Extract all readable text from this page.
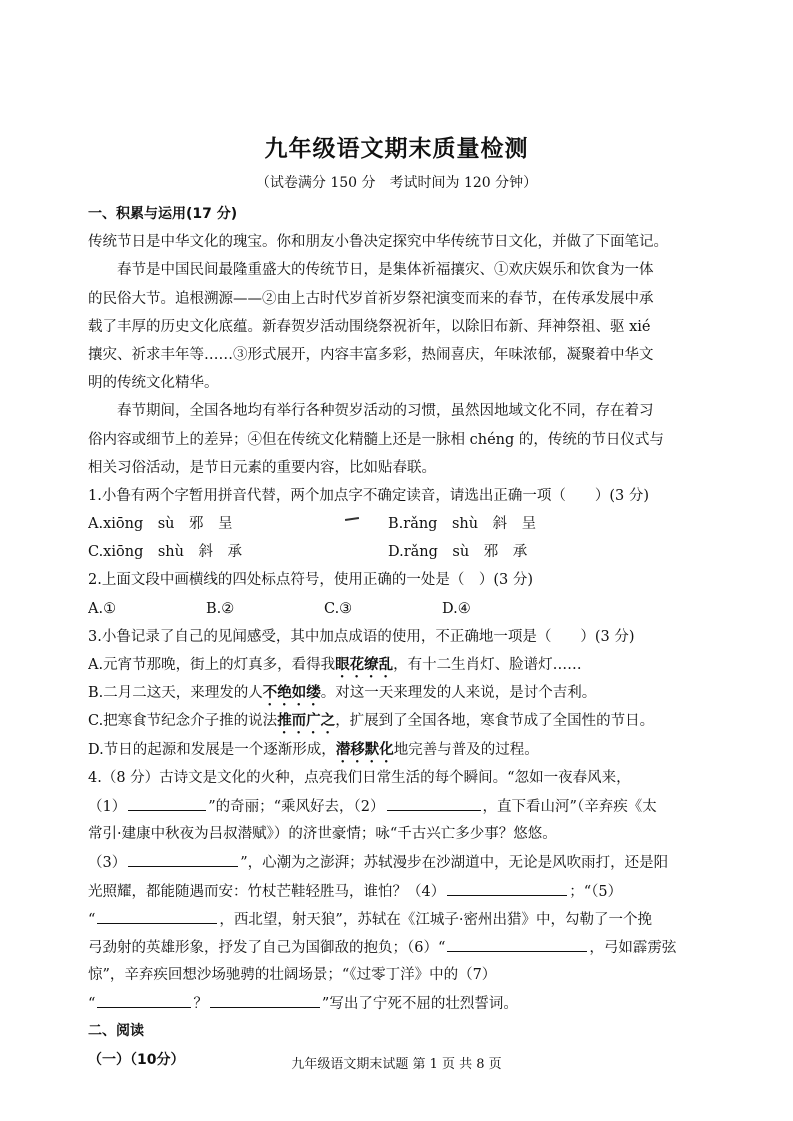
九年级语文期末质量检测
（试卷满分 150 分　考试时间为 120 分钟）
一、积累与运用(17 分)
传统节日是中华文化的瑰宝。你和朋友小鲁决定探究中华传统节日文化，并做了下面笔记。
春节是中国民间最隆重盛大的传统节日，是集体祈福攘灾、①欢庆娱乐和饮食为一体
的民俗大节。追根溯源——②由上古时代岁首祈岁祭祀演变而来的春节，在传承发展中承
载了丰厚的历史文化底蕴。新春贺岁活动围绕祭祝祈年，以除旧布新、拜神祭祖、驱 xié
攘灾、祈求丰年等……③形式展开，内容丰富多彩，热闹喜庆，年味浓郁，凝聚着中华文
明的传统文化精华。
春节期间，全国各地均有举行各种贺岁活动的习惯，虽然因地域文化不同，存在着习
俗内容或细节上的差异；④但在传统文化精髓上还是一脉相 chéng 的，传统的节日仪式与
相关习俗活动，是节日元素的重要内容，比如贴春联。
1.小鲁有两个字暂用拼音代替，两个加点字不确定读音，请选出正确一项（　　）(3 分)
A.xiōng　sù　邪　呈	B.rǎng　shù　斜　呈
C.xiōng　shù　斜　承	D.rǎng　sù　邪　承
2.上面文段中画横线的四处标点符号，使用正确的一处是（　）(3 分)
A.①	B.②	C.③	D.④
3.小鲁记录了自己的见闻感受，其中加点成语的使用，不正确地一项是（　　）(3 分)
A.元宵节那晚，街上的灯真多，看得我眼花缭乱，有十二生肖灯、脸谱灯……
B.二月二这天，来理发的人不绝如缕。对这一天来理发的人来说，是讨个吉利。
C.把寒食节纪念介子推的说法推而广之，扩展到了全国各地，寒食节成了全国性的节日。
D.节日的起源和发展是一个逐渐形成，潜移默化地完善与普及的过程。
4.（8 分）古诗文是文化的火种，点亮我们日常生活的每个瞬间。“忽如一夜春风来，
（1）	”的奇丽；“乘风好去，（2）	，直下看山河”（辛弃疾《太
常引·建康中秋夜为吕叔潜赋》）的济世豪情；咏“千古兴亡多少事？悠悠。
（3）	”，心潮为之澎湃；苏轼漫步在沙湖道中，无论是风吹雨打，还是阳
光照耀，都能随遇而安：竹杖芒鞋轻胜马，谁怕？（4）	；“（5）
“	，西北望，射天狼”，苏轼在《江城子·密州出猎》中，勾勒了一个挽
弓劲射的英雄形象，抒发了自己为国御敌的抱负；（6）“	，弓如霹雳弦
惊”，辛弃疾回想沙场驰骋的壮阔场景；“《过零丁洋》中的（7）
“	？	”写出了宁死不屈的壮烈誓词。
二、阅读
（一）（10分）	九年级语文期末试题 第 1 页 共 8 页
